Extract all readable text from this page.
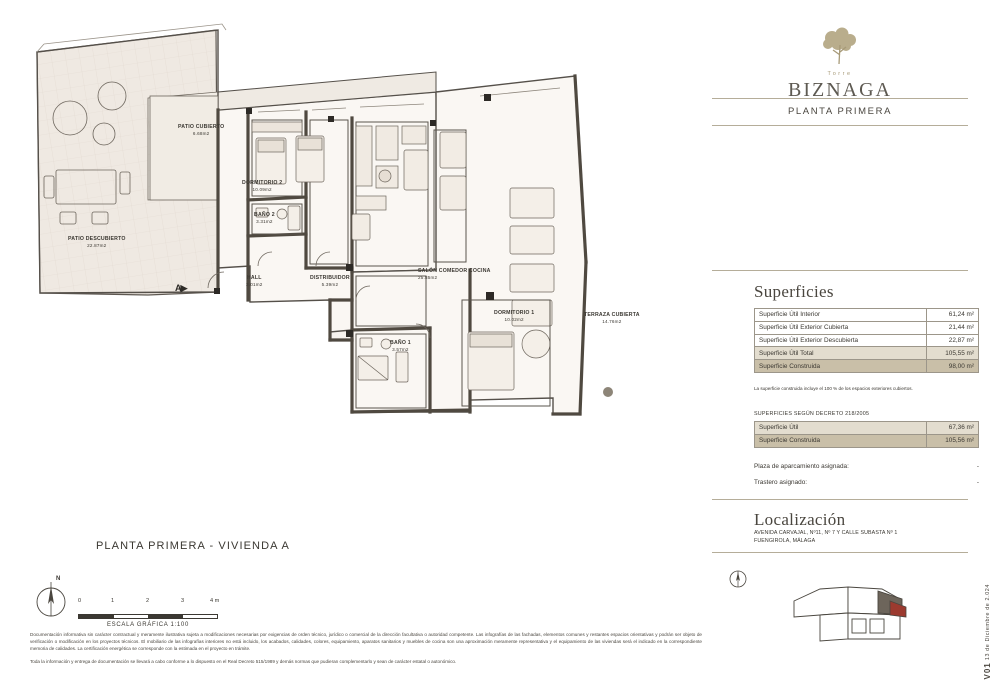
PATIO CUBIERTO
6.68m2
DORMITORIO 2
10.09m2
BAÑO 2
3.31m2
PATIO DESCUBIERTO
22.87m2
HALL
3.01m2
DISTRIBUIDOR
5.39m2
SALÓN COMEDOR COCINA
25.85m2
BAÑO 1
3.57m2
DORMITORIO 1
10.02m2
TERRAZA CUBIERTA
14.76m2
A▶
PLANTA PRIMERA - VIVIENDA A
N
0	1	2	3	4 m
ESCALA GRÁFICA 1:100

Documentación informativa sin carácter contractual y meramente ilustrativa sujeta a modificaciones necesarias por exigencias de orden técnico, jurídico o comercial de la dirección facultativa o autoridad competente. Las infografías de las fachadas, elementos comunes y restantes espacios orientativas y podrán ser objeto de verificación o modificación en los proyectos técnicos. El mobiliario de las infografías interiores no está incluido, los acabados, calidades, colores, equipamiento, aparatos sanitarios y muebles de cocina son una aproximación meramente representativa y el equipamiento de las viviendas será el indicado en la correspondiente memoria de calidades. La certificación energética se corresponde con la estimada en el proyecto en trámite.

Toda la información y entrega de documentación se llevará a cabo conforme a lo dispuesto en el Real Decreto 515/1989 y demás normas que pudieran complementarlo y sean de carácter estatal o autonómico.

Torre
BIZNAGA
PLANTA PRIMERA
Superficies
Superficie Útil Interior	61,24 m²
Superficie Útil Exterior Cubierta	21,44 m²
Superficie Útil Exterior Descubierta	22,87 m²
Superficie Útil Total	105,55 m²
Superficie Construida	98,00 m²
La superficie construida incluye el 100 % de los espacios exteriores cubiertos.
SUPERFICIES SEGÚN DECRETO 218/2005
Superficie Útil	67,36 m²
Superficie Construida	105,56 m²
Plaza de aparcamiento asignada:	-
Trastero asignado:	-
Localización
AVENIDA CARVAJAL, Nº11, Nº 7 Y CALLE SUBASTA Nº 1
FUENGIROLA, MÁLAGA
V01 13 de Diciembre de 2.024
